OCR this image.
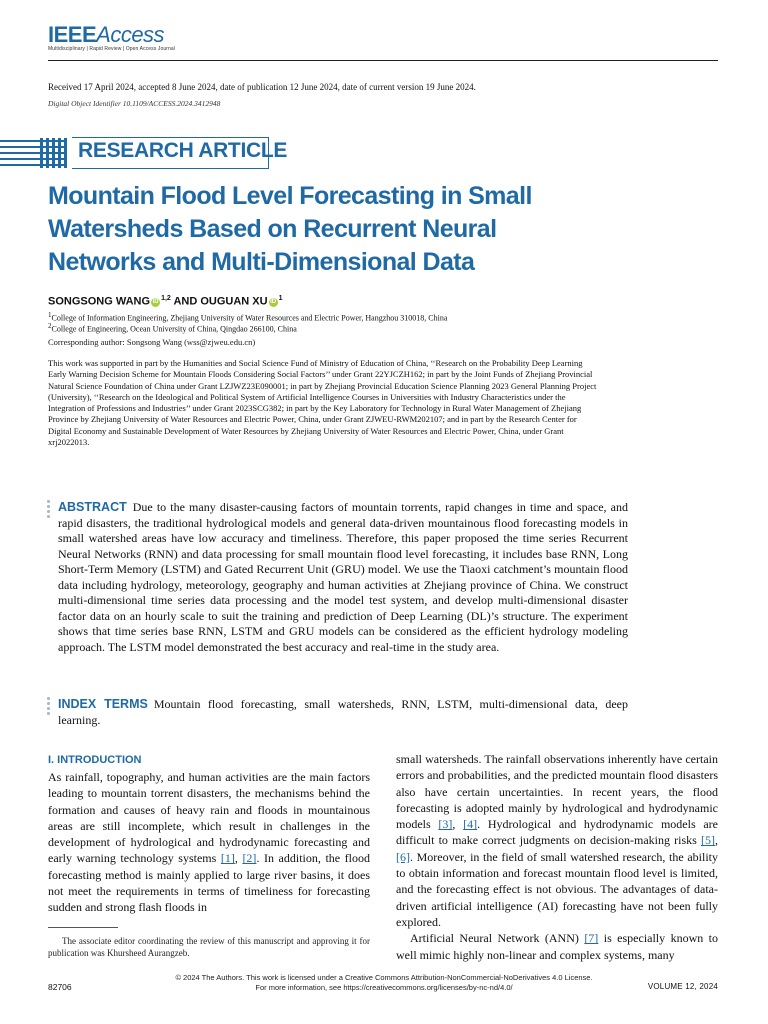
IEEEAccess
Multidisciplinary | Rapid Review | Open Access Journal
Received 17 April 2024, accepted 8 June 2024, date of publication 12 June 2024, date of current version 19 June 2024.
Digital Object Identifier 10.1109/ACCESS.2024.3412948
RESEARCH ARTICLE
Mountain Flood Level Forecasting in Small Watersheds Based on Recurrent Neural Networks and Multi-Dimensional Data
SONGSONG WANG iD $^{1,2}$ AND OUGUAN XU iD $^1$
$^1$College of Information Engineering, Zhejiang University of Water Resources and Electric Power, Hangzhou 310018, China
$^2$College of Engineering, Ocean University of China, Qingdao 266100, China
Corresponding author: Songsong Wang (wss@zjweu.edu.cn)
This work was supported in part by the Humanities and Social Science Fund of Ministry of Education of China, ‘‘Research on the Probability Deep Learning Early Warning Decision Scheme for Mountain Floods Considering Social Factors’’ under Grant 22YJCZH162; in part by the Joint Funds of Zhejiang Provincial Natural Science Foundation of China under Grant LZJWZ23E090001; in part by Zhejiang Provincial Education Science Planning 2023 General Planning Project (University), ‘‘Research on the Ideological and Political System of Artificial Intelligence Courses in Universities with Industry Characteristics under the Integration of Professions and Industries’’ under Grant 2023SCG382; in part by the Key Laboratory for Technology in Rural Water Management of Zhejiang Province by Zhejiang University of Water Resources and Electric Power, China, under Grant ZJWEU-RWM202107; and in part by the Research Center for Digital Economy and Sustainable Development of Water Resources by Zhejiang University of Water Resources and Electric Power, China, under Grant xrj2022013.
ABSTRACT Due to the many disaster-causing factors of mountain torrents, rapid changes in time and space, and rapid disasters, the traditional hydrological models and general data-driven mountainous flood forecasting models in small watershed areas have low accuracy and timeliness. Therefore, this paper proposed the time series Recurrent Neural Networks (RNN) and data processing for small mountain flood level forecasting, it includes base RNN, Long Short-Term Memory (LSTM) and Gated Recurrent Unit (GRU) model. We use the Tiaoxi catchment’s mountain flood data including hydrology, meteorology, geography and human activities at Zhejiang province of China. We construct multi-dimensional time series data processing and the model test system, and develop multi-dimensional disaster factor data on an hourly scale to suit the training and prediction of Deep Learning (DL)’s structure. The experiment shows that time series base RNN, LSTM and GRU models can be considered as the efficient hydrology modeling approach. The LSTM model demonstrated the best accuracy and real-time in the study area.
INDEX TERMS Mountain flood forecasting, small watersheds, RNN, LSTM, multi-dimensional data, deep learning.
I. INTRODUCTION

As rainfall, topography, and human activities are the main factors leading to mountain torrent disasters, the mechanisms behind the formation and causes of heavy rain and floods in mountainous areas are still incomplete, which result in challenges in the development of hydrological and hydrodynamic forecasting and early warning technology systems [1], [2]. In addition, the flood forecasting method is mainly applied to large river basins, it does not meet the requirements in terms of timeliness for forecasting sudden and strong flash floods in

small watersheds. The rainfall observations inherently have certain errors and probabilities, and the predicted mountain flood disasters also have certain uncertainties. In recent years, the flood forecasting is adopted mainly by hydrological and hydrodynamic models [3], [4]. Hydrological and hydrodynamic models are difficult to make correct judgments on decision-making risks [5], [6]. Moreover, in the field of small watershed research, the ability to obtain information and forecast mountain flood level is limited, and the forecasting effect is not obvious. The advantages of data-driven artificial intelligence (AI) forecasting have not been fully explored.

Artificial Neural Network (ANN) [7] is especially known to well mimic highly non-linear and complex systems, many

The associate editor coordinating the review of this manuscript and approving it for publication was Khursheed Aurangzeb.
© 2024 The Authors. This work is licensed under a Creative Commons Attribution-NonCommercial-NoDerivatives 4.0 License.
For more information, see https://creativecommons.org/licenses/by-nc-nd/4.0/
82706	VOLUME 12, 2024
